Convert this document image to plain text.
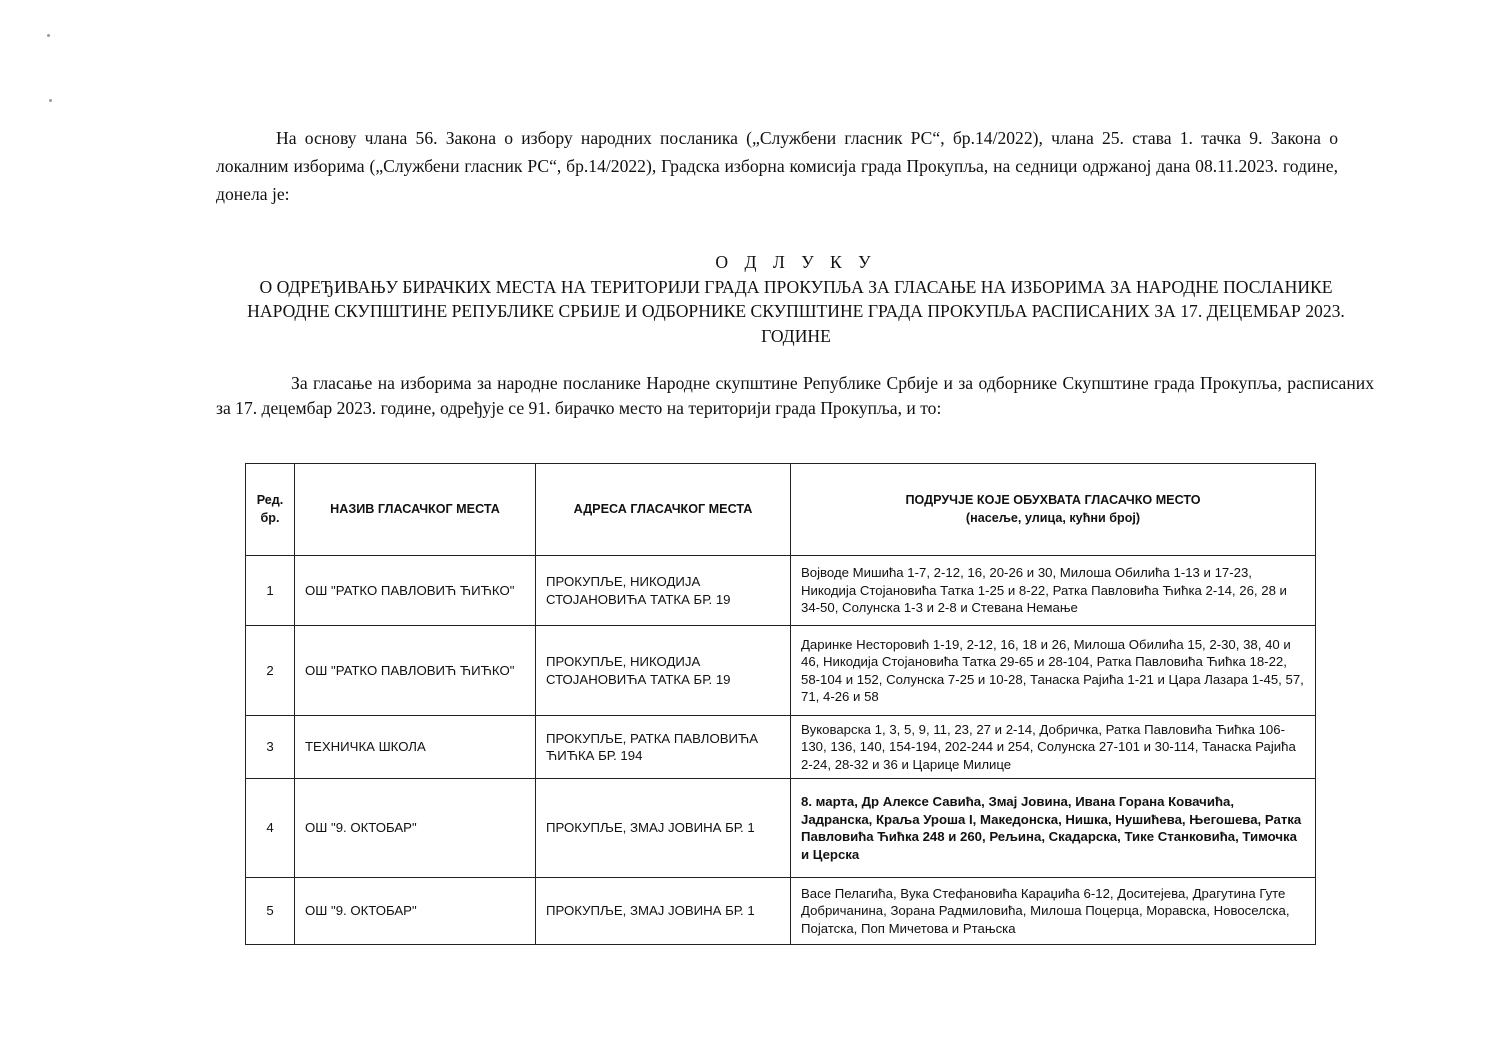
На основу члана 56. Закона о избору народних посланика („Службени гласник РС“, бр.14/2022), члана 25. става 1. тачка 9. Закона о локалним изборима („Службени гласник РС“, бр.14/2022), Градска изборна комисија града Прокупља, на седници одржаној дана 08.11.2023. године, донела је:

О Д Л У К У
О ОДРЕЂИВАЊУ БИРАЧКИХ МЕСТА НА ТЕРИТОРИЈИ ГРАДА ПРОКУПЉА ЗА ГЛАСАЊЕ НА ИЗБОРИМА ЗА НАРОДНЕ ПОСЛАНИКЕ НАРОДНЕ СКУПШТИНЕ РЕПУБЛИКЕ СРБИЈЕ И ОДБОРНИКЕ СКУПШТИНЕ ГРАДА ПРОКУПЉА РАСПИСАНИХ ЗА 17. ДЕЦЕМБАР 2023. ГОДИНЕ

За гласање на изборима за народне посланике Народне скупштине Републике Србије и за одборнике Скупштине града Прокупља, расписаних за 17. децембар 2023. године, одређује се 91. бирачко место на територији града Прокупља, и то:

Ред. бр.	НАЗИВ ГЛАСАЧКОГ МЕСТА	АДРЕСА ГЛАСАЧКОГ МЕСТА	ПОДРУЧЈЕ КОЈЕ ОБУХВАТА ГЛАСАЧКО МЕСТО
(насеље, улица, кућни број)
1	ОШ "РАТКО ПАВЛОВИЋ ЋИЋКО"	ПРОКУПЉЕ, НИКОДИЈА СТОЈАНОВИЋА ТАТКА БР. 19	Војводе Мишића 1-7, 2-12, 16, 20-26 и 30, Милоша Обилића 1-13 и 17-23, Никодија Стојановића Татка 1-25 и 8-22, Ратка Павловића Ћићка 2-14, 26, 28 и 34-50, Солунска 1-3 и 2-8 и Стевана Немање
2	ОШ "РАТКО ПАВЛОВИЋ ЋИЋКО"	ПРОКУПЉЕ, НИКОДИЈА СТОЈАНОВИЋА ТАТКА БР. 19	Даринке Несторовић 1-19, 2-12, 16, 18 и 26, Милоша Обилића 15, 2-30, 38, 40 и 46, Никодија Стојановића Татка 29-65 и 28-104, Ратка Павловића Ћићка 18-22, 58-104 и 152, Солунска 7-25 и 10-28, Танаска Рајића 1-21 и Цара Лазара 1-45, 57, 71, 4-26 и 58
3	ТЕХНИЧКА ШКОЛА	ПРОКУПЉЕ, РАТКА ПАВЛОВИЋА ЋИЋКА БР. 194	Вуковарска 1, 3, 5, 9, 11, 23, 27 и 2-14, Добричка, Ратка Павловића Ћићка 106-130, 136, 140, 154-194, 202-244 и 254, Солунска 27-101 и 30-114, Танаска Рајића 2-24, 28-32 и 36 и Царице Милице
4	ОШ "9. ОКТОБАР"	ПРОКУПЉЕ, ЗМАЈ ЈОВИНА БР. 1	8. марта, Др Алексе Савића, Змај Јовина, Ивана Горана Ковачића, Јадранска, Краља Уроша I, Македонска, Нишка, Нушићева, Његошева, Ратка Павловића Ћићка 248 и 260, Рељина, Скадарска, Тике Станковића, Тимочка и Церска
5	ОШ "9. ОКТОБАР"	ПРОКУПЉЕ, ЗМАЈ ЈОВИНА БР. 1	Васе Пелагића, Вука Стефановића Караџића 6-12, Доситејева, Драгутина Гуте Добричанина, Зорана Радмиловића, Милоша Поцерца, Моравска, Новоселска, Појатска, Поп Мичетова и Ртањска
